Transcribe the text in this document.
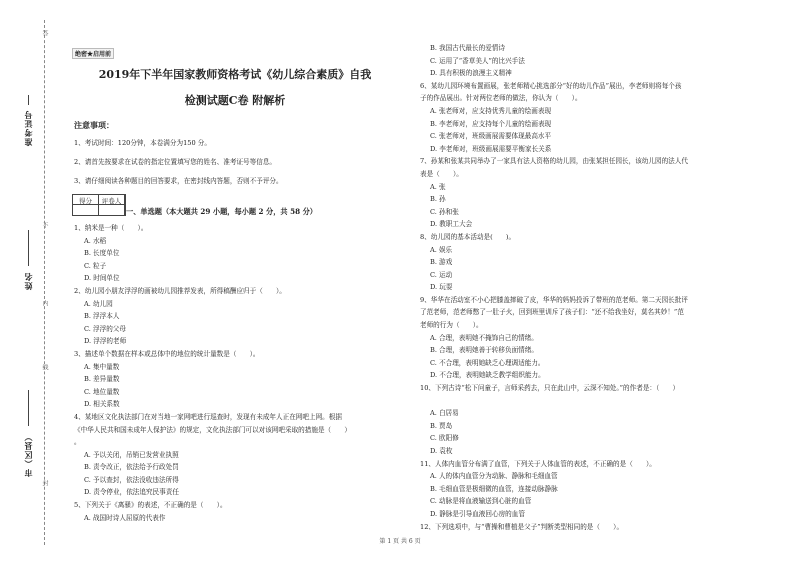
准考证号
姓名
市（区县）
答
不
内
线
封
绝密★启用前
2019年下半年国家教师资格考试《幼儿综合素质》自我
检测试题C卷 附解析
注意事项：
1、考试时间：120分钟，本卷满分为150 分。
2、请首先按要求在试卷的指定位置填写您的姓名、准考证号等信息。
3、请仔细阅读各种题目的回答要求，在密封线内答题，否则不予评分。
得分	评卷人
一、单选题（本大题共 29 小题，每小题 2 分，共 58 分）
1、纳米是一种（　　）。
A. 水稻
B. 长度单位
C. 粒子
D. 时间单位
2、幼儿园小朋友浮浮的画被幼儿园推荐发表，所得稿酬应归于（　　）。
A. 幼儿园
B. 浮浮本人
C. 浮浮的父母
D. 浮浮的老师
3、描述单个数据在样本或总体中的地位的统计量数是（　　）。
A. 集中量数
B. 差异量数
C. 地位量数
D. 相关系数
4、某地区文化执法部门在对当地一家网吧进行巡查时，发现有未成年人正在网吧上网。根据
《中华人民共和国未成年人保护法》的规定，文化执法部门可以对该网吧采取的措施是（　　）
。
A. 予以关闭，吊销已发营业执照
B. 责令改正，依法给予行政处罚
C. 予以查封，依法没收违法所得
D. 责令停业，依法追究民事责任
5、下列关于《离骚》的表述，不正确的是（　　）。
A. 战国时诗人屈原的代表作
B. 我国古代最长的爱情诗
C. 运用了“香草美人”的比兴手法
D. 具有积极的浪漫主义精神
6、某幼儿园环境布置画展，张老师精心挑选部分“好的幼儿作品”展出，李老师则将每个孩
子的作品展出。针对两位老师的做法，你认为（　　）。
A. 张老师对，应支持优秀儿童的绘画表现
B. 李老师对，应支持每个儿童的绘画表现
C. 张老师对，班级画展需要体现最高水平
D. 李老师对，班级画展需要平衡家长关系
7、孙某和张某共同举办了一家具有法人资格的幼儿园，由张某担任园长，该幼儿园的法人代
表是（　　）。
A. 张
B. 孙
C. 孙和张
D. 教职工大会
8、幼儿园的基本活动是(　　)。
A. 娱乐
B. 游戏
C. 运动
D. 玩耍
9、华华在活动室不小心把膝盖摔破了皮，华华的妈妈投诉了带班的范老师。第二天园长批评
了范老师，范老师憋了一肚子火，回到班里训斥了孩子们：“还不给我坐好，莫名其妙！”范
老师的行为（　　）。
A. 合理，表明她不掩饰自己的情绪。
B. 合理，表明她善于转移负面情绪。
C. 不合理，表明她缺乏心理调适能力。
D. 不合理，表明她缺乏教学组织能力。
10、下列古诗“松下问童子，言师采药去，只在此山中，云深不知处。”的作者是：（　　）
A. 白居易
B. 贾岛
C. 欧阳修
D. 袁枚
11、人体内血管分布满了血管，下列关于人体血管的表述，不正确的是（　　）。
A. 人的体内血管分为动脉、静脉和毛细血管
B. 毛细血管是极细微的血管，连接动脉静脉
C. 动脉是将血液输送到心脏的血管
D. 静脉是引导血液回心房的血管
12、下列选项中，与“曹操和曹植是父子”判断类型相同的是（　　）。
第 1 页 共 6 页
